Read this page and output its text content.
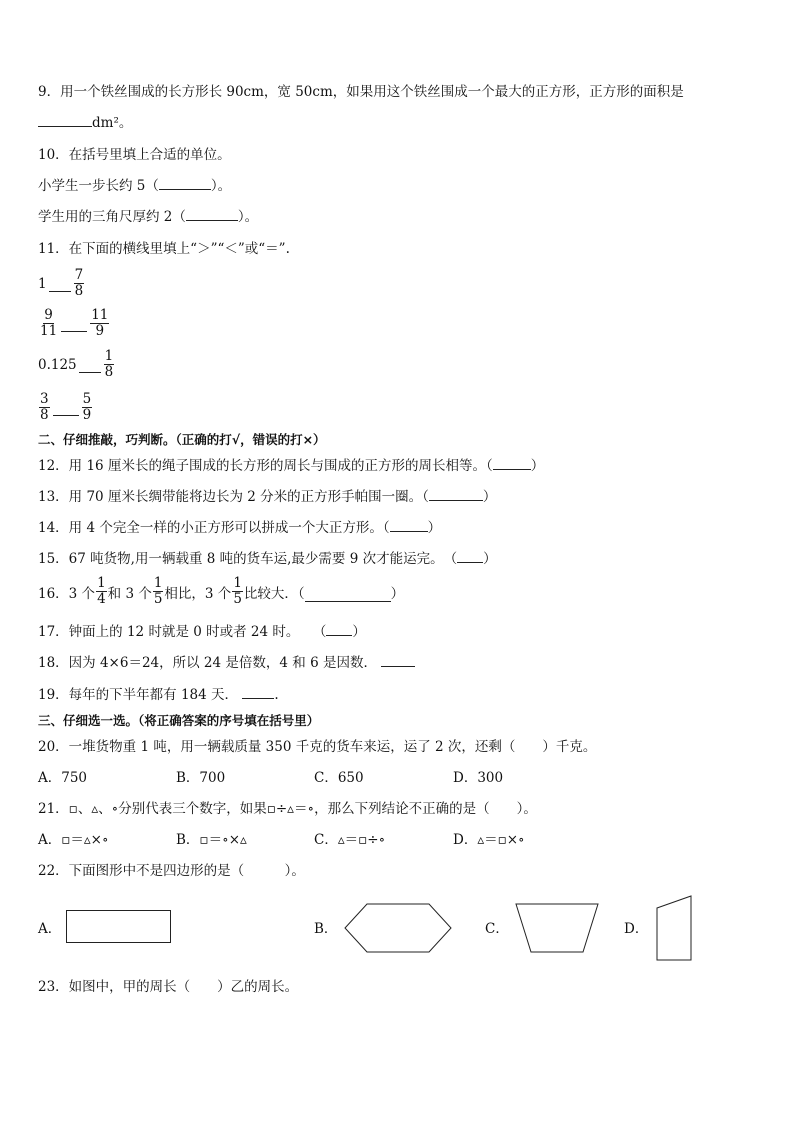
9．用一个铁丝围成的长方形长 90cm，宽 50cm，如果用这个铁丝围成一个最大的正方形，正方形的面积是
dm²。
10．在括号里填上合适的单位。
小学生一步长约 5（	）。
学生用的三角尺厚约 2（	）。
11．在下面的横线里填上“＞”“＜”或“＝”.
$1 \frac{7}{8}$
$\frac{9}{11} \frac{11}{9}$
$0.125 \frac{1}{8}$
$\frac{3}{8} \frac{5}{9}$
二、仔细推敲，巧判断。（正确的打√，错误的打×）
12．用 16 厘米长的绳子围成的长方形的周长与围成的正方形的周长相等。（	）
13．用 70 厘米长绸带能将边长为 2 分米的正方形手帕围一圈。（	）
14．用 4 个完全一样的小正方形可以拼成一个大正方形。（	）
15．67 吨货物,用一辆载重 8 吨的货车运,最少需要 9 次才能运完。　（ ）
16．3 个 $\frac{1}{4}$ 和 3 个 $\frac{1}{5}$ 相比，3 个 $\frac{1}{5}$ 比较大．（	）
17．钟面上的 12 时就是 0 时或者 24 时。　　（ ）
18．因为 4×6＝24，所以 24 是倍数，4 和 6 是因数．
19．每年的下半年都有 184 天．	.
三、仔细选一选。（将正确答案的序号填在括号里）
20．一堆货物重 1 吨，用一辆载质量 350 千克的货车来运，运了 2 次，还剩（　　）千克。
A．750	B．700	C．650	D．300
21．▫、▵、∘分别代表三个数字，如果▫÷▵＝∘，那么下列结论不正确的是（　　）。
A．▫＝▵×∘	B．▫＝∘×▵	C．▵＝▫÷∘	D．▵＝▫×∘
22．下面图形中不是四边形的是（　　　）。
A．	B．	C．	D．
23．如图中，甲的周长（　　）乙的周长。
